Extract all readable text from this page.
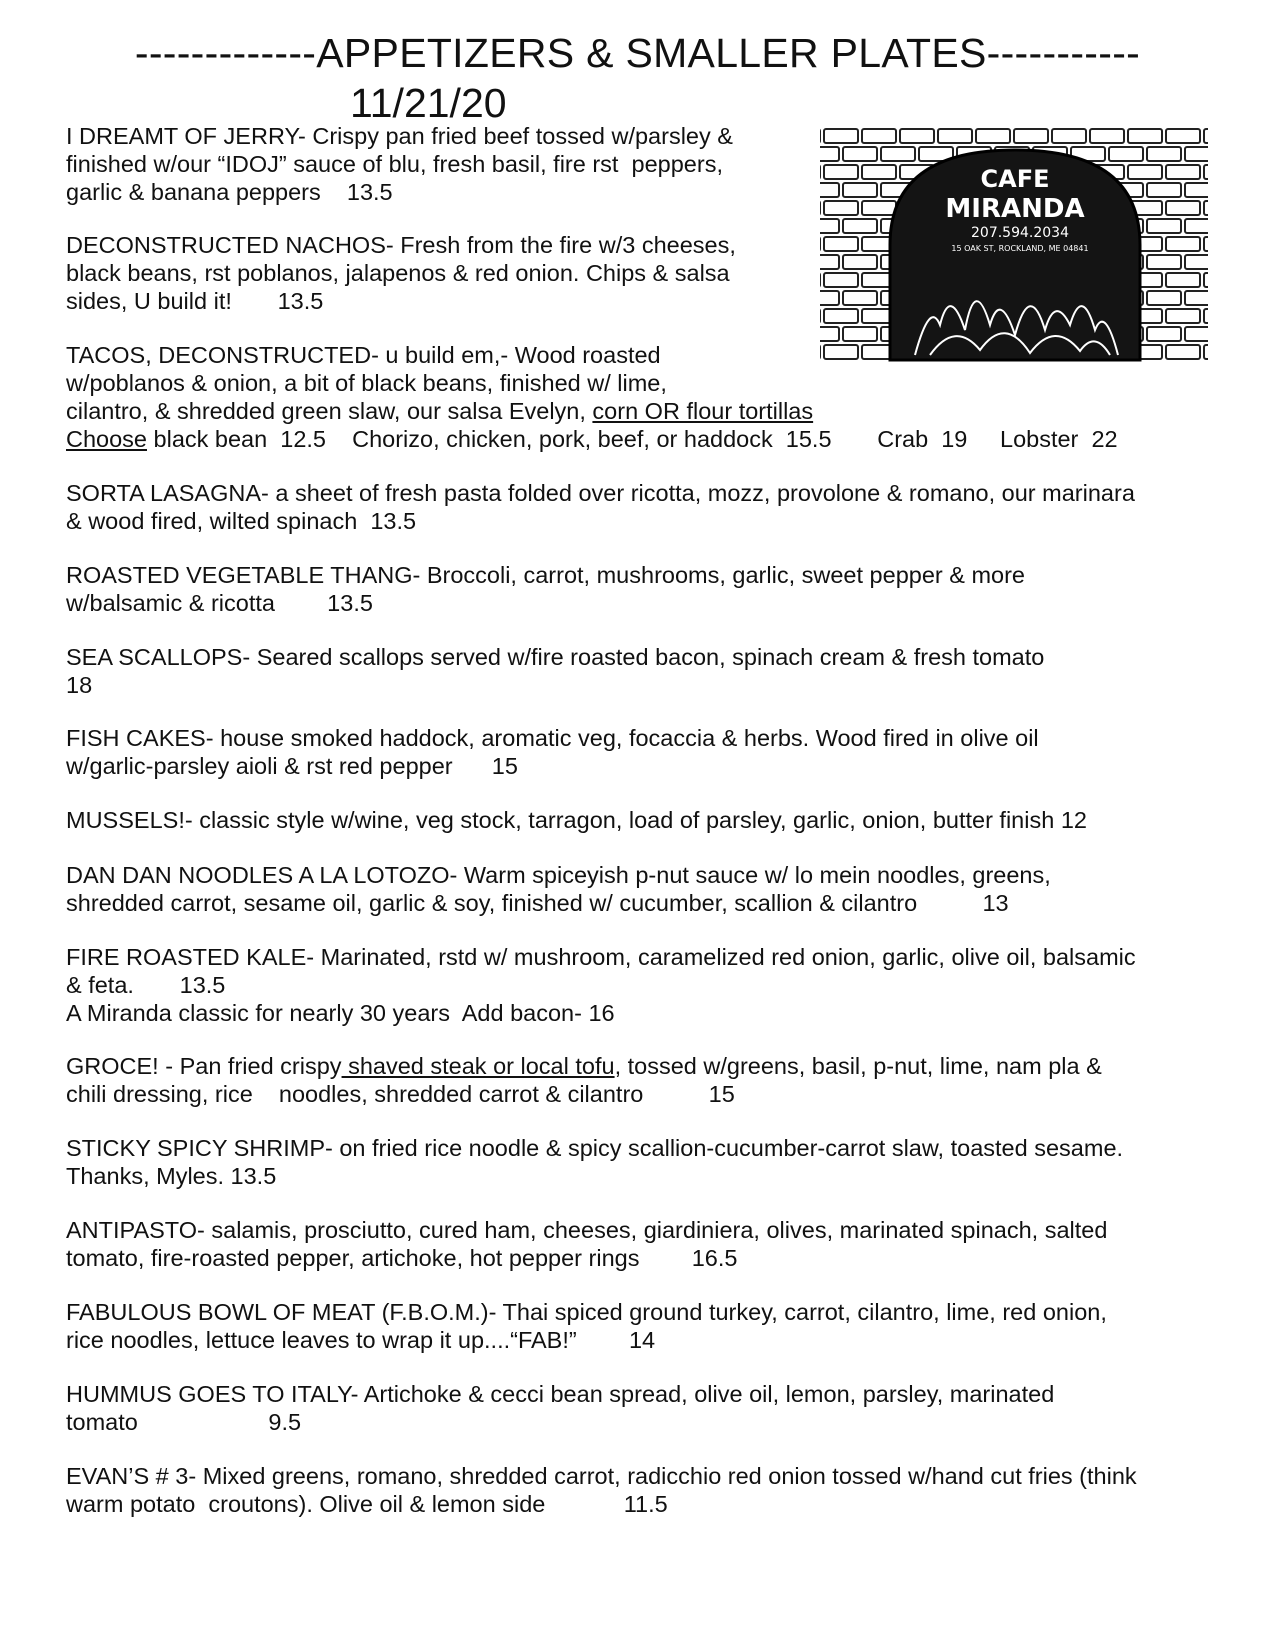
-------------APPETIZERS & SMALLER PLATES-----------
11/21/20
CAFE
MIRANDA
207.594.2034
15 OAK ST, ROCKLAND, ME 04841
I DREAMT OF JERRY- Crispy pan fried beef tossed w/parsley &
finished w/our “IDOJ” sauce of blu, fresh basil, fire rst  peppers,
garlic & banana peppers    13.5
DECONSTRUCTED NACHOS- Fresh from the fire w/3 cheeses,
black beans, rst poblanos, jalapenos & red onion. Chips & salsa
sides, U build it!       13.5
TACOS, DECONSTRUCTED- u build em,- Wood roasted
w/poblanos & onion, a bit of black beans, finished w/ lime,
cilantro, & shredded green slaw, our salsa Evelyn, corn OR flour tortillas
Choose black bean  12.5    Chorizo, chicken, pork, beef, or haddock  15.5       Crab  19     Lobster  22
SORTA LASAGNA- a sheet of fresh pasta folded over ricotta, mozz, provolone & romano, our marinara
& wood fired, wilted spinach  13.5
ROASTED VEGETABLE THANG- Broccoli, carrot, mushrooms, garlic, sweet pepper & more
w/balsamic & ricotta        13.5
SEA SCALLOPS- Seared scallops served w/fire roasted bacon, spinach cream & fresh tomato
18
FISH CAKES- house smoked haddock, aromatic veg, focaccia & herbs. Wood fired in olive oil
w/garlic-parsley aioli & rst red pepper      15
MUSSELS!- classic style w/wine, veg stock, tarragon, load of parsley, garlic, onion, butter finish 12
DAN DAN NOODLES A LA LOTOZO- Warm spiceyish p-nut sauce w/ lo mein noodles, greens,
shredded carrot, sesame oil, garlic & soy, finished w/ cucumber, scallion & cilantro          13
FIRE ROASTED KALE- Marinated, rstd w/ mushroom, caramelized red onion, garlic, olive oil, balsamic
& feta.       13.5
A Miranda classic for nearly 30 years  Add bacon- 16
GROCE! - Pan fried crispy shaved steak or local tofu, tossed w/greens, basil, p-nut, lime, nam pla &
chili dressing, rice    noodles, shredded carrot & cilantro          15
STICKY SPICY SHRIMP- on fried rice noodle & spicy scallion-cucumber-carrot slaw, toasted sesame.
Thanks, Myles. 13.5
ANTIPASTO- salamis, prosciutto, cured ham, cheeses, giardiniera, olives, marinated spinach, salted
tomato, fire-roasted pepper, artichoke, hot pepper rings        16.5
FABULOUS BOWL OF MEAT (F.B.O.M.)- Thai spiced ground turkey, carrot, cilantro, lime, red onion,
rice noodles, lettuce leaves to wrap it up....“FAB!”        14
HUMMUS GOES TO ITALY- Artichoke & cecci bean spread, olive oil, lemon, parsley, marinated
tomato                    9.5
EVAN’S # 3- Mixed greens, romano, shredded carrot, radicchio red onion tossed w/hand cut fries (think
warm potato  croutons). Olive oil & lemon side            11.5
